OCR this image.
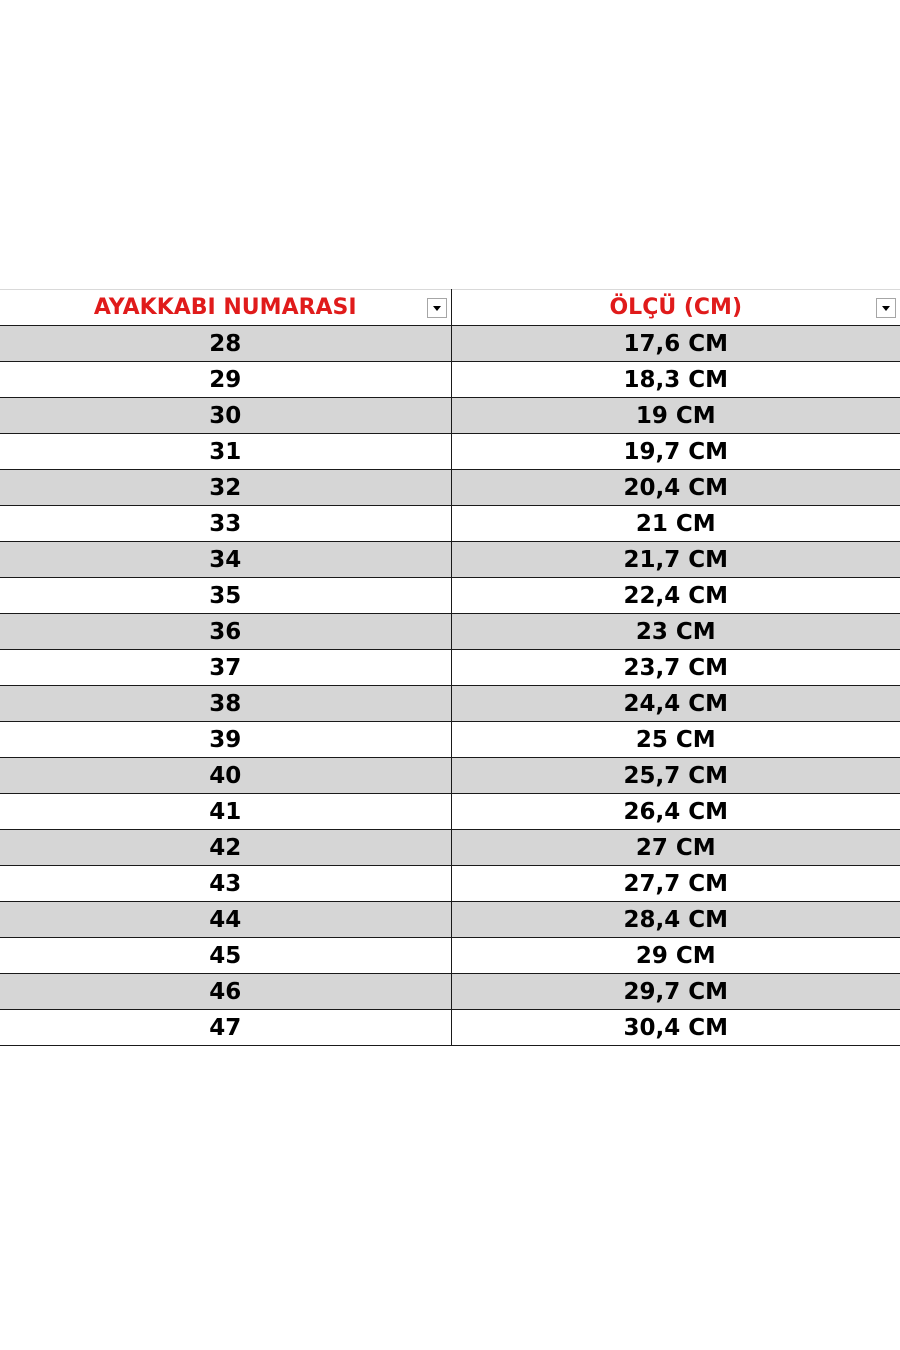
AYAKKABI NUMARASI	ÖLÇÜ (CM)

28	17,6 CM
29	18,3 CM
30	19 CM
31	19,7 CM
32	20,4 CM
33	21 CM
34	21,7 CM
35	22,4 CM
36	23 CM
37	23,7 CM
38	24,4 CM
39	25 CM
40	25,7 CM
41	26,4 CM
42	27 CM
43	27,7 CM
44	28,4 CM
45	29 CM
46	29,7 CM
47	30,4 CM
